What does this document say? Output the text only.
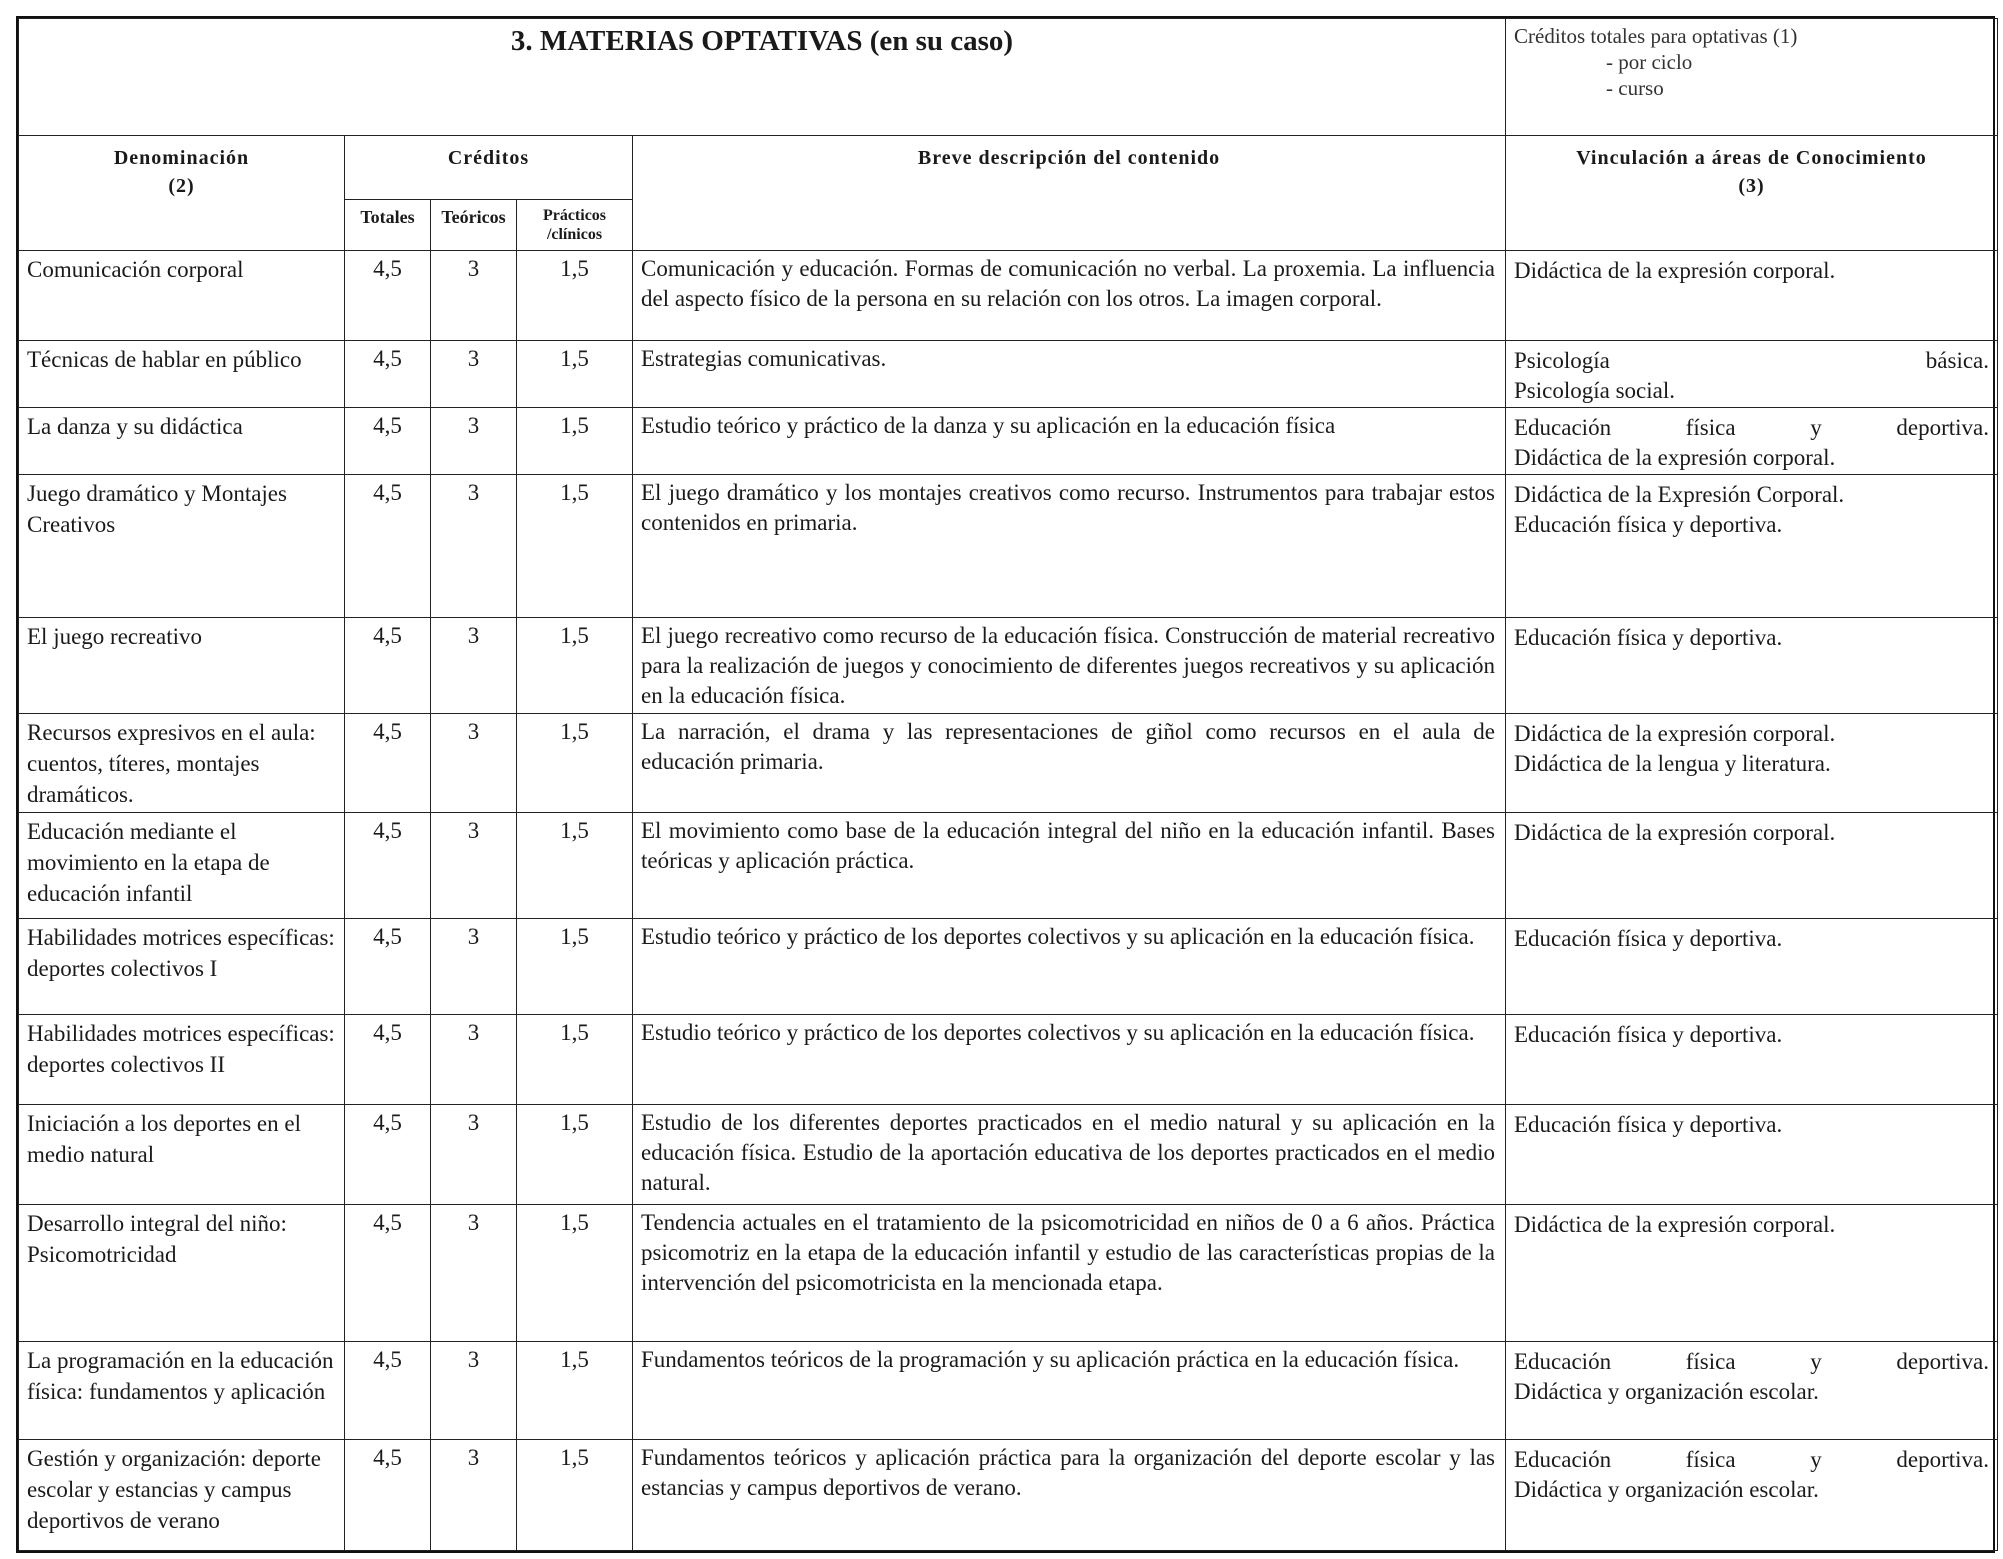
3. MATERIAS OPTATIVAS (en su caso)					Créditos totales para optativas (1)
- por ciclo
- curso

Denominación
(2)	Créditos			Breve descripción del contenido	Vinculación a áreas de Conocimiento (3)
	Totales	Teóricos	Prácticos /clínicos		
Comunicación corporal	4,5	3	1,5	Comunicación y educación. Formas de comunicación no verbal. La proxemia. La influencia del aspecto físico de la persona en su relación con los otros. La imagen corporal.	Didáctica de la expresión corporal.

Técnicas de hablar en público	4,5	3	1,5	Estrategias comunicativas.	Psicología básica.
Psicología social.

La danza y su didáctica	4,5	3	1,5	Estudio teórico y práctico de la danza y su aplicación en la educación física	Educación física y deportiva.
Didáctica de la expresión corporal.

Juego dramático y Montajes Creativos	4,5	3	1,5	El juego dramático y los montajes creativos como recurso. Instrumentos para trabajar estos contenidos en primaria.	Didáctica de la Expresión Corporal.
Educación física y deportiva.

El juego recreativo	4,5	3	1,5	El juego recreativo como recurso de la educación física. Construcción de material recreativo para la realización de juegos y conocimiento de diferentes juegos recreativos y su aplicación en la educación física.	Educación física y deportiva.

Recursos expresivos en el aula: cuentos, títeres, montajes dramáticos.	4,5	3	1,5	La narración, el drama y las representaciones de giñol como recursos en el aula de educación primaria.	Didáctica de la expresión corporal.
Didáctica de la lengua y literatura.

Educación mediante el movimiento en la etapa de educación infantil	4,5	3	1,5	El movimiento como base de la educación integral del niño en la educación infantil. Bases teóricas y aplicación práctica.	Didáctica de la expresión corporal.

Habilidades motrices específicas: deportes colectivos I	4,5	3	1,5	Estudio teórico y práctico de los deportes colectivos y su aplicación en la educación física.	Educación física y deportiva.

Habilidades motrices específicas: deportes colectivos II	4,5	3	1,5	Estudio teórico y práctico de los deportes colectivos y su aplicación en la educación física.	Educación física y deportiva.

Iniciación a los deportes en el medio natural	4,5	3	1,5	Estudio de los diferentes deportes practicados en el medio natural y su aplicación en la educación física. Estudio de la aportación educativa de los deportes practicados en el medio natural.	Educación física y deportiva.

Desarrollo integral del niño: Psicomotricidad	4,5	3	1,5	Tendencia actuales en el tratamiento de la psicomotricidad en niños de 0 a 6 años. Práctica psicomotriz en la etapa de la educación infantil y estudio de las características propias de la intervención del psicomotricista en la mencionada etapa.	Didáctica de la expresión corporal.

La programación en la educación física: fundamentos y aplicación	4,5	3	1,5	Fundamentos teóricos de la programación y su aplicación práctica en la educación física.	Educación física y deportiva.
Didáctica y organización escolar.

Gestión y organización: deporte escolar y estancias y campus deportivos de verano	4,5	3	1,5	Fundamentos teóricos y aplicación práctica para la organización del deporte escolar y las estancias y campus deportivos de verano.	Educación física y deportiva.
Didáctica y organización escolar.
